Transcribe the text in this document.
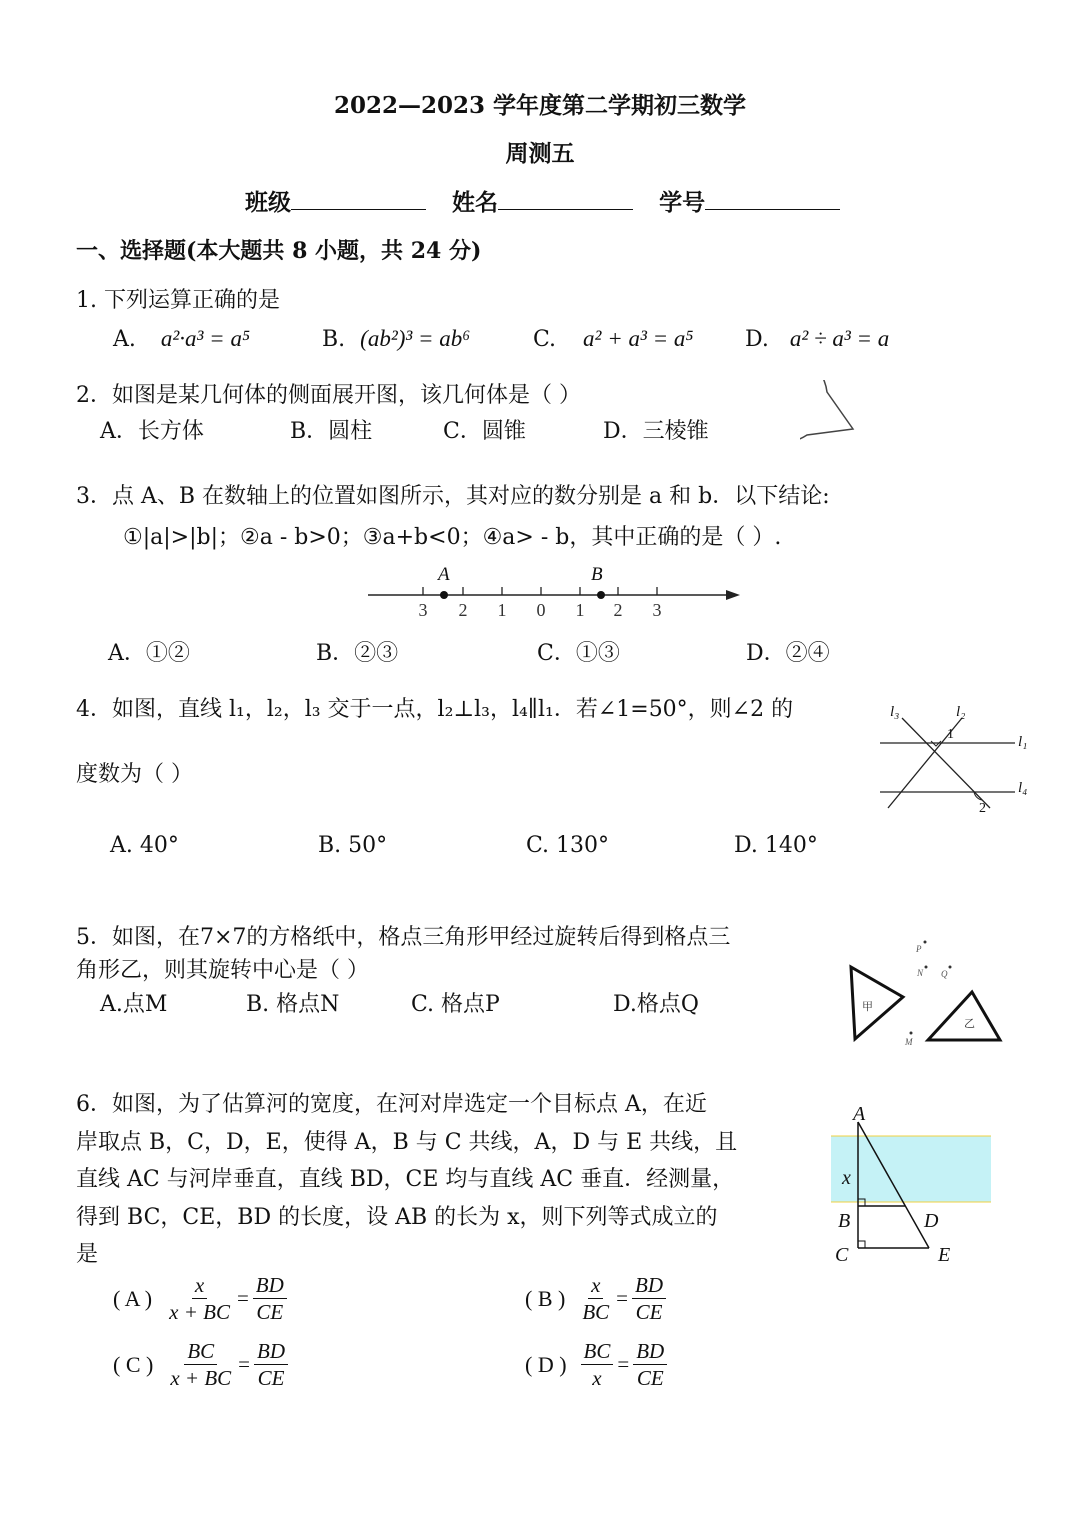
2022—2023 学年度第二学期初三数学
周测五
班级	姓名	学号
一、选择题(本大题共 8 小题，共 24 分)
1. 下列运算正确的是
A. a²·a³ = a⁵	B. (ab²)³ = ab⁶	C. a² + a³ = a⁵ D. a² ÷ a³ = a
2．如图是某几何体的侧面展开图，该几何体是（ ）
A．长方体	B．圆柱	C．圆锥	D．三棱锥
3．点 A、B 在数轴上的位置如图所示，其对应的数分别是 a 和 b．以下结论:
①|a|>|b|；②a - b>0；③a+b<0；④a> - b，其中正确的是（ ）.
A	B
3 2 1 0 1 2 3
A．①②	B．②③	C．①③	D．②④
4．如图，直线 l₁，l₂，l₃ 交于一点，l₂⊥l₃，l₄∥l₁．若∠1=50°，则∠2 的
度数为（ ）
A. 40°	B. 50°	C. 130°	D. 140°
l₃	l₂
l₁
l₄
1
2
5．如图，在7×7的方格纸中，格点三角形甲经过旋转后得到格点三
角形乙，则其旋转中心是（ ）
A.点M	B. 格点N	C. 格点P	D.格点Q	甲
乙
P
N Q
M
6．如图，为了估算河的宽度，在河对岸选定一个目标点 A，在近
岸取点 B，C，D，E，使得 A，B 与 C 共线，A，D 与 E 共线，且
直线 AC 与河岸垂直，直线 BD，CE 均与直线 AC 垂直．经测量，
得到 BC，CE，BD 的长度，设 AB 的长为 x，则下列等式成立的
是
( A ) $\frac{x}{x + BC} = \frac{BD}{CE}$	( B ) $\frac{x}{BC} = \frac{BD}{CE}$
( C ) $\frac{BC}{x + BC} = \frac{BD}{CE}$	( D ) $\frac{BC}{x} = \frac{BD}{CE}$
A
x
B	D
C	E
